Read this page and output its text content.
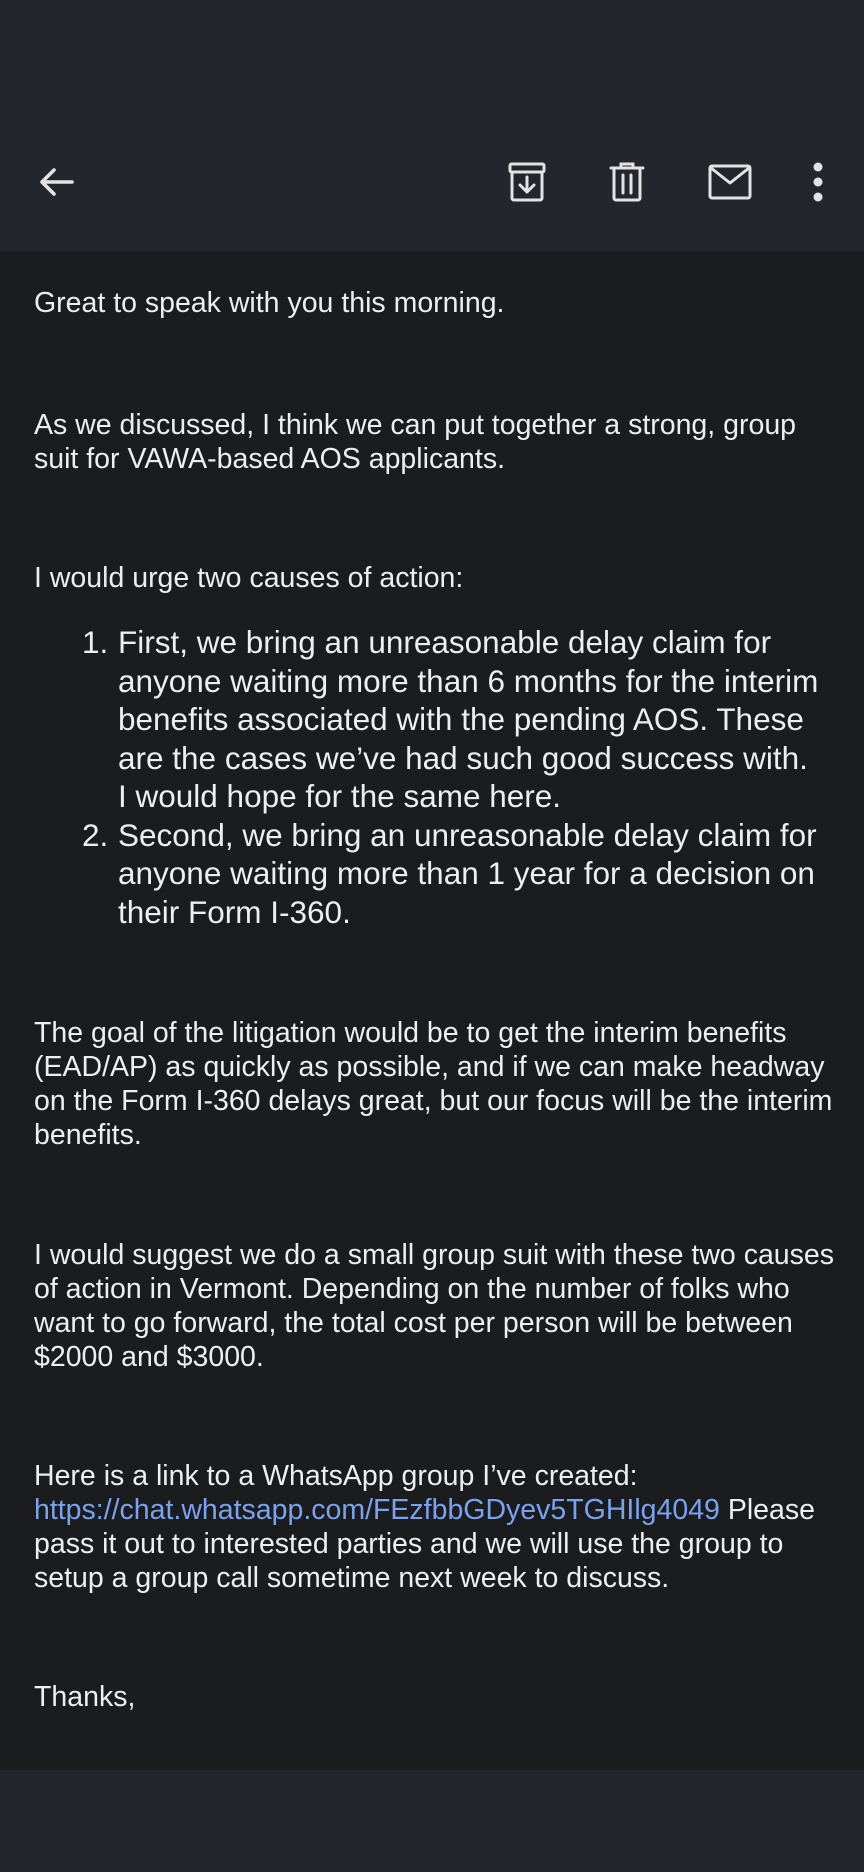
Great to speak with you this morning.

As we discussed, I think we can put together a strong, group suit for VAWA-based AOS applicants.

I would urge two causes of action:

1. First, we bring an unreasonable delay claim for anyone waiting more than 6 months for the interim benefits associated with the pending AOS. These are the cases we’ve had such good success with. I would hope for the same here.
2. Second, we bring an unreasonable delay claim for anyone waiting more than 1 year for a decision on their Form I-360.

The goal of the litigation would be to get the interim benefits (EAD/AP) as quickly as possible, and if we can make headway on the Form I-360 delays great, but our focus will be the interim benefits.

I would suggest we do a small group suit with these two causes of action in Vermont. Depending on the number of folks who want to go forward, the total cost per person will be between $2000 and $3000.

Here is a link to a WhatsApp group I’ve created:
https://chat.whatsapp.com/FEzfbbGDyev5TGHIlg4049 Please pass it out to interested parties and we will use the group to setup a group call sometime next week to discuss.

Thanks,
